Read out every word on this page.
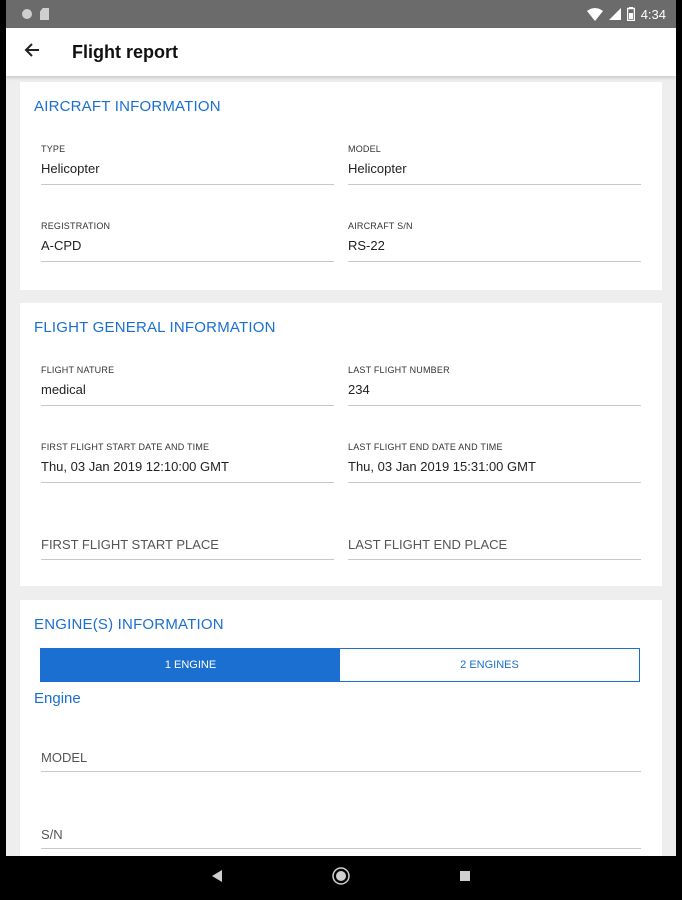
4:34
Flight report
AIRCRAFT INFORMATION
TYPE
Helicopter
MODEL
Helicopter
REGISTRATION
A-CPD
AIRCRAFT S/N
RS-22
FLIGHT GENERAL INFORMATION
FLIGHT NATURE
medical
LAST FLIGHT NUMBER
234
FIRST FLIGHT START DATE AND TIME
Thu, 03 Jan 2019 12:10:00 GMT
LAST FLIGHT END DATE AND TIME
Thu, 03 Jan 2019 15:31:00 GMT
FIRST FLIGHT START PLACE	LAST FLIGHT END PLACE
ENGINE(S) INFORMATION
1 ENGINE	2 ENGINES
Engine
MODEL
S/N
